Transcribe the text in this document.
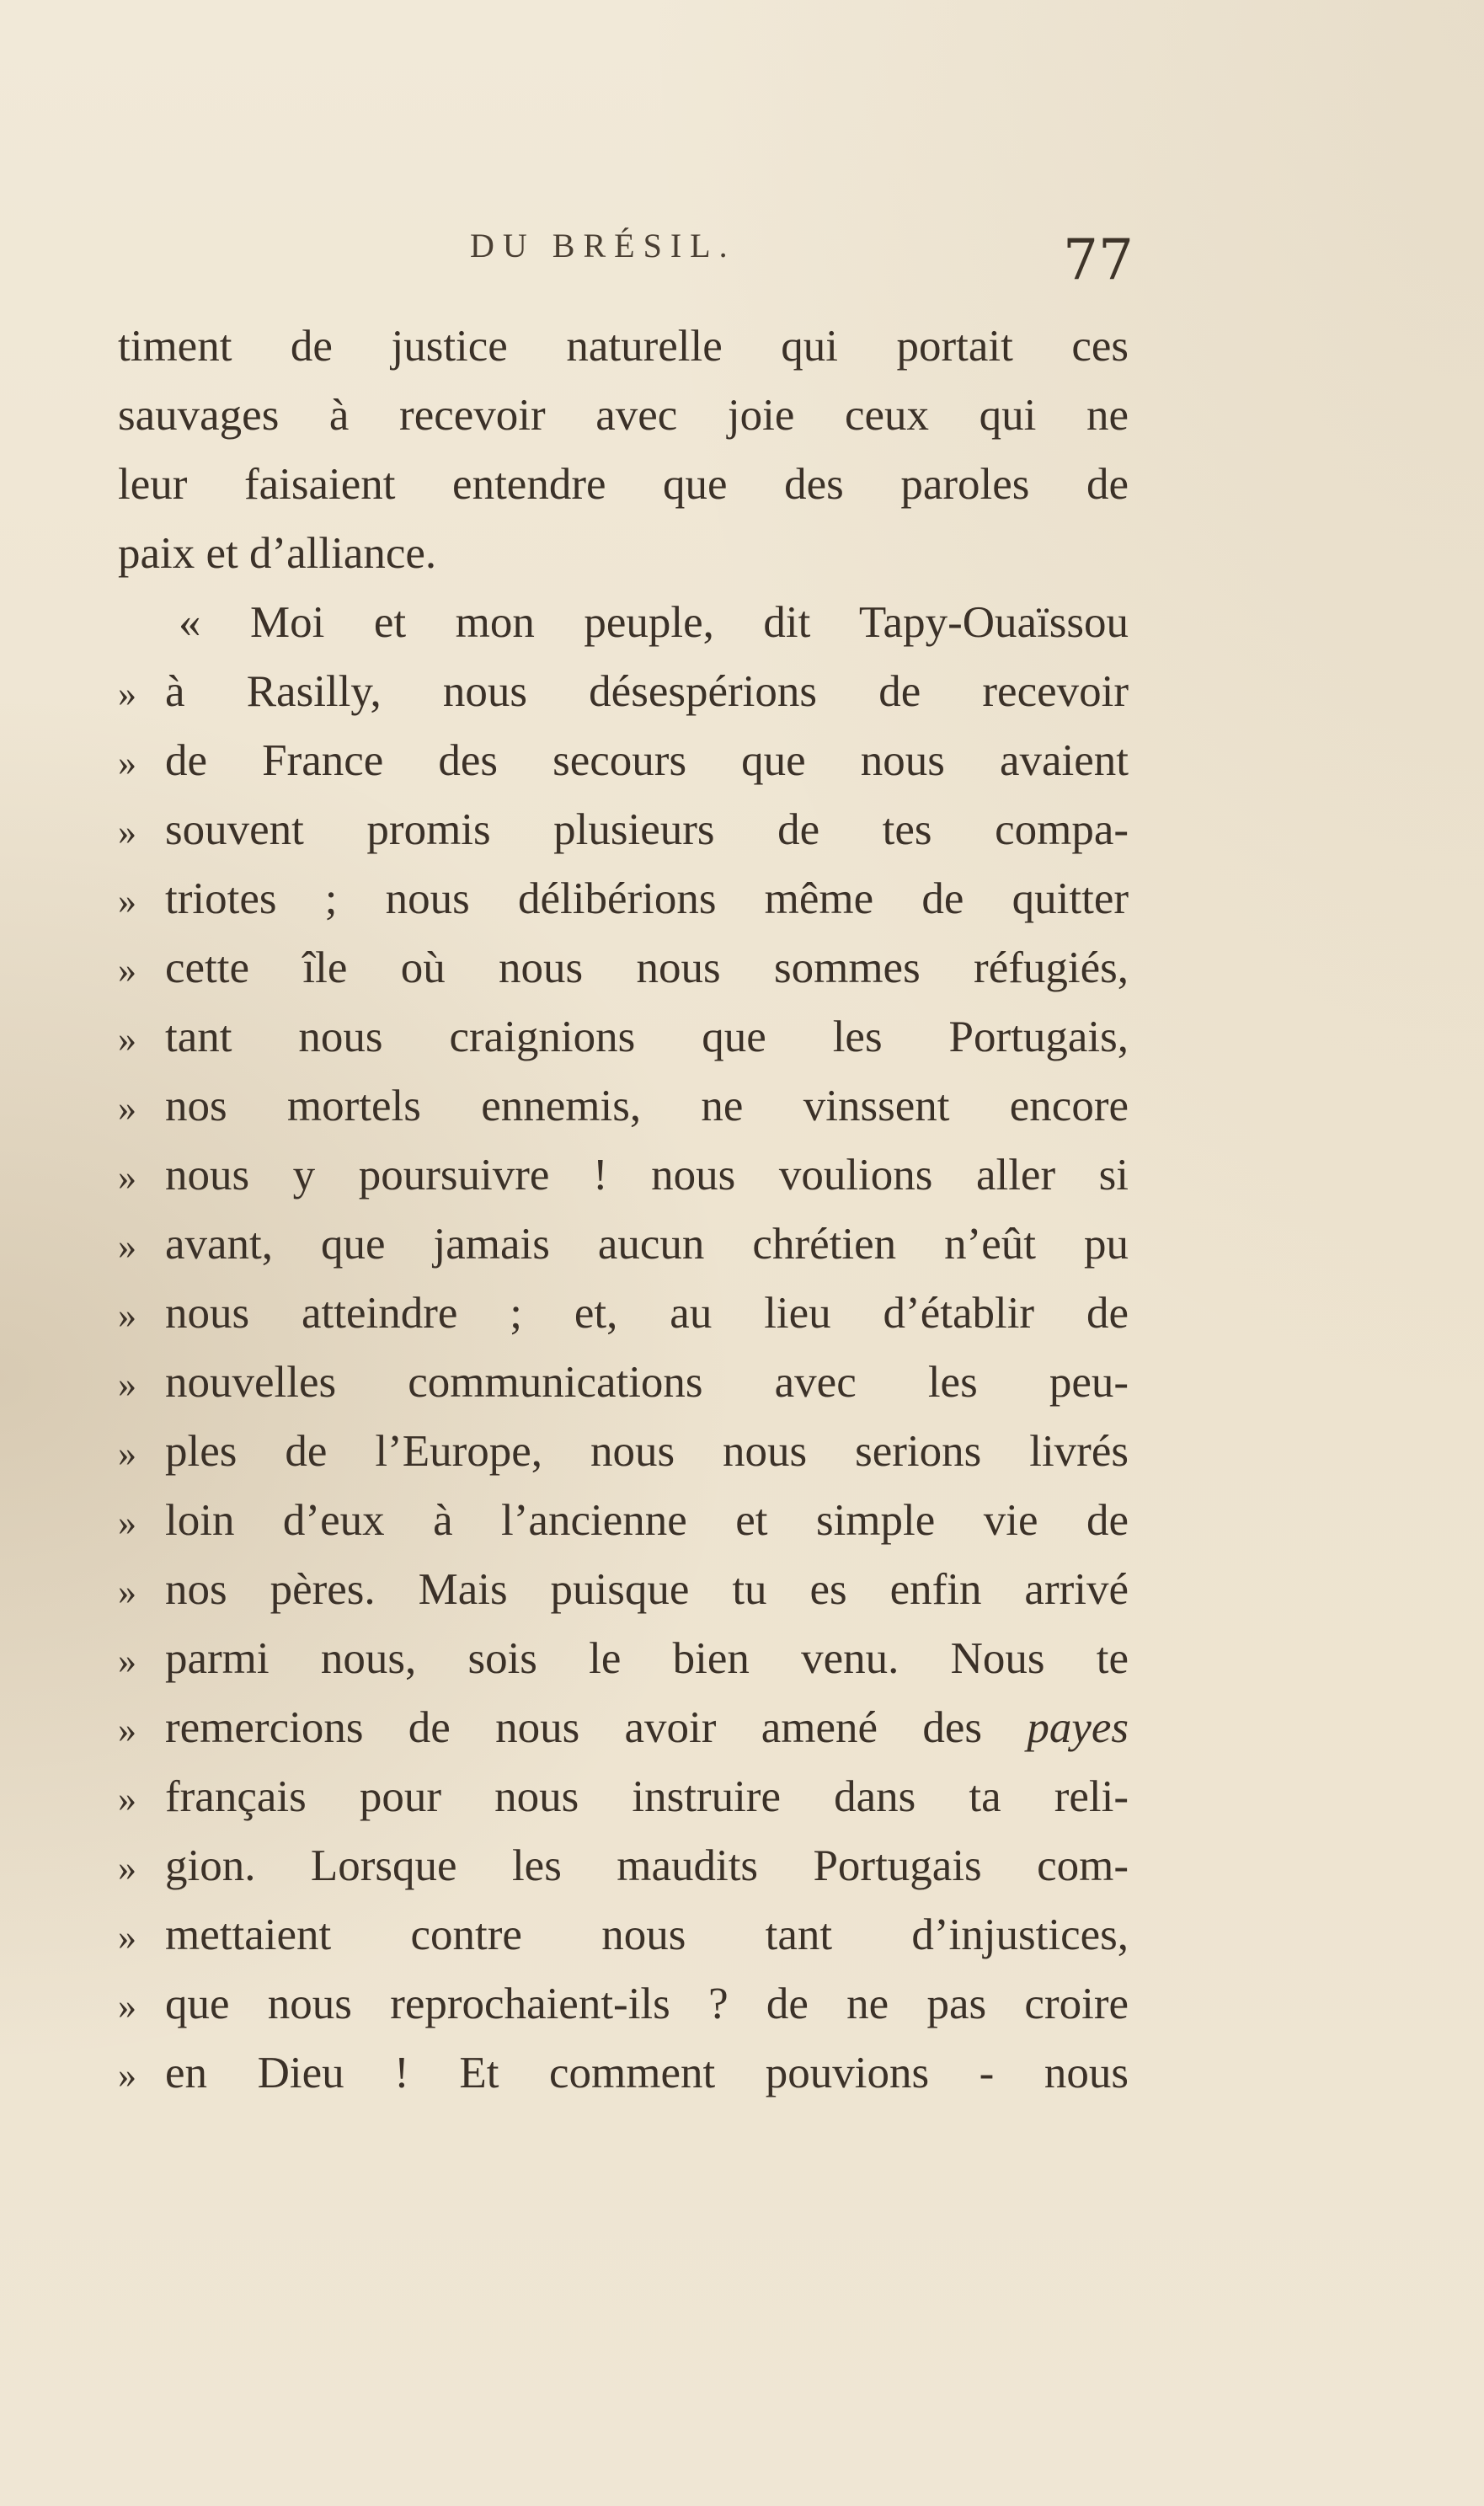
DU BRÉSIL.	77
timent de justice naturelle qui portait ces
sauvages à recevoir avec joie ceux qui ne
leur faisaient entendre que des paroles de
paix et d’alliance.
« Moi et mon peuple, dit Tapy-Ouaïssou
» à Rasilly, nous désespérions de recevoir
» de France des secours que nous avaient
» souvent promis plusieurs de tes compa-
» triotes ; nous délibérions même de quitter
» cette île où nous nous sommes réfugiés,
» tant nous craignions que les Portugais,
» nos mortels ennemis, ne vinssent encore
» nous y poursuivre ! nous voulions aller si
» avant, que jamais aucun chrétien n’eût pu
» nous atteindre ; et, au lieu d’établir de
» nouvelles communications avec les peu-
» ples de l’Europe, nous nous serions livrés
» loin d’eux à l’ancienne et simple vie de
» nos pères. Mais puisque tu es enfin arrivé
» parmi nous, sois le bien venu. Nous te
» remercions de nous avoir amené des payes
» français pour nous instruire dans ta reli-
» gion. Lorsque les maudits Portugais com-
» mettaient contre nous tant d’injustices,
» que nous reprochaient-ils ? de ne pas croire
» en Dieu ! Et comment pouvions - nous
